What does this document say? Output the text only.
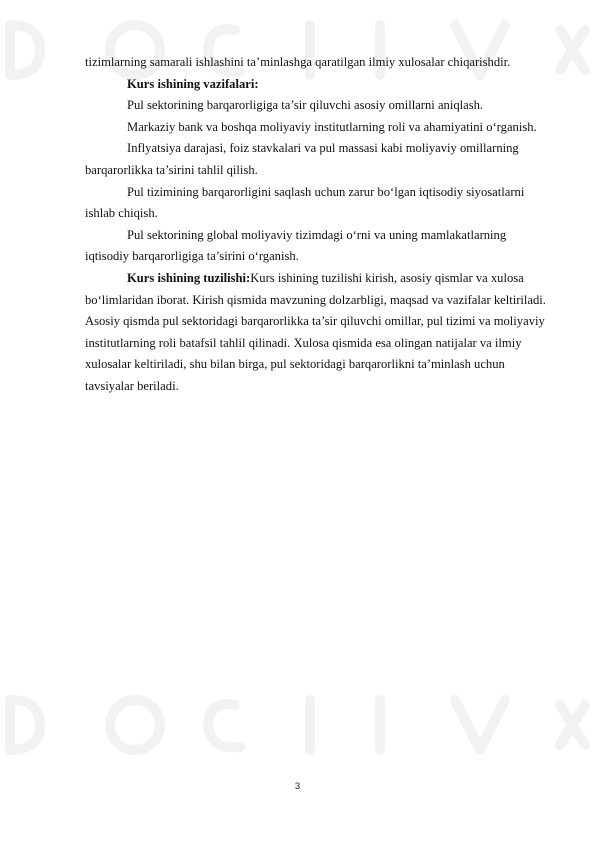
tizimlarning samarali ishlashini ta’minlashga qaratilgan ilmiy xulosalar chiqarishdir.

Kurs ishining vazifalari:

Pul sektorining barqarorligiga ta’sir qiluvchi asosiy omillarni aniqlash.

Markaziy bank va boshqa moliyaviy institutlarning roli va ahamiyatini o‘rganish.

Inflyatsiya darajasi, foiz stavkalari va pul massasi kabi moliyaviy omillarning barqarorlikka ta’sirini tahlil qilish.

Pul tizimining barqarorligini saqlash uchun zarur bo‘lgan iqtisodiy siyosatlarni ishlab chiqish.

Pul sektorining global moliyaviy tizimdagi o‘rni va uning mamlakatlarning iqtisodiy barqarorligiga ta’sirini o‘rganish.

Kurs ishining tuzilishi:Kurs ishining tuzilishi kirish, asosiy qismlar va xulosa bo‘limlaridan iborat. Kirish qismida mavzuning dolzarbligi, maqsad va vazifalar keltiriladi. Asosiy qismda pul sektoridagi barqarorlikka ta’sir qiluvchi omillar, pul tizimi va moliyaviy institutlarning roli batafsil tahlil qilinadi. Xulosa qismida esa olingan natijalar va ilmiy xulosalar keltiriladi, shu bilan birga, pul sektoridagi barqarorlikni ta’minlash uchun tavsiyalar beriladi.

3
